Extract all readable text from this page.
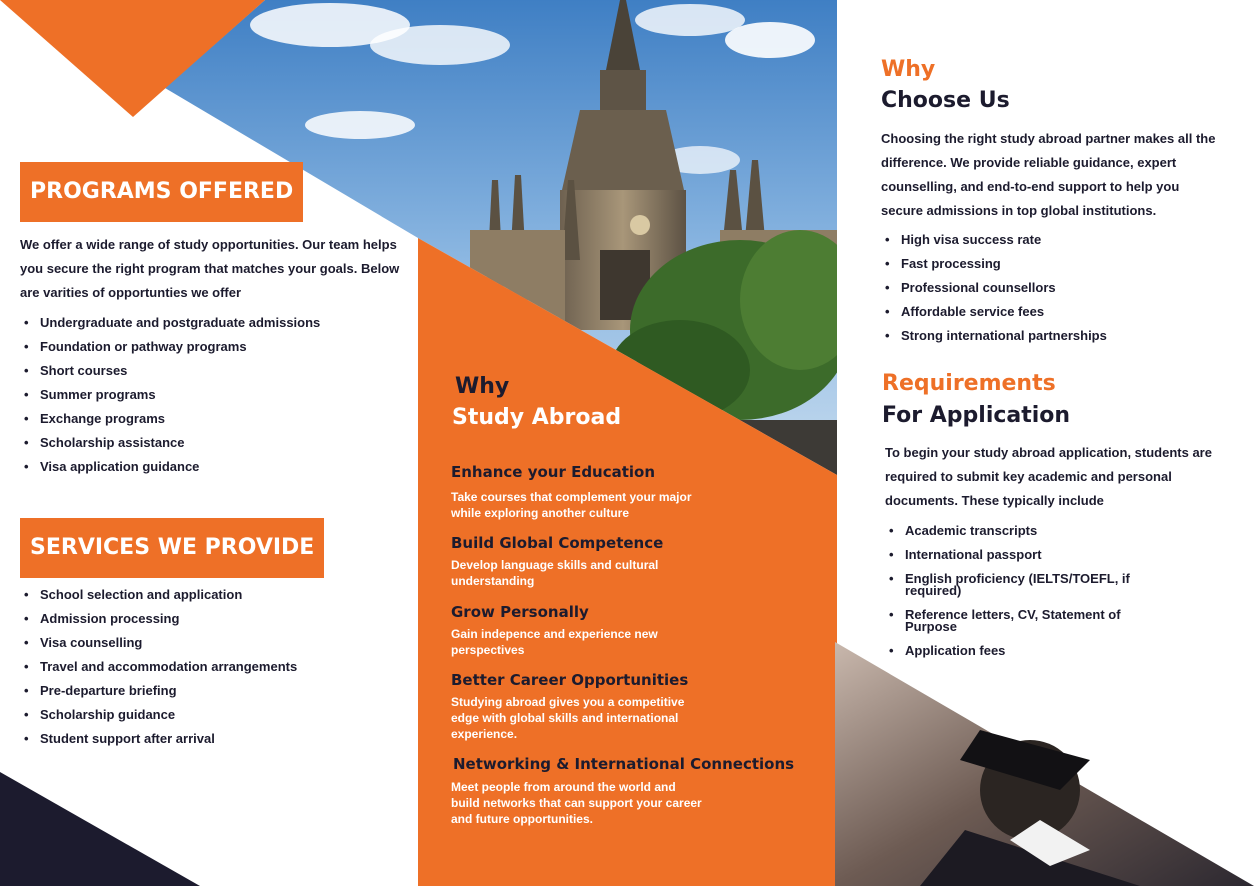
PROGRAMS OFFERED

We offer a wide range of study opportunities. Our team helps you secure the right program that matches your goals. Below are varities of opportunties we offer

• Undergraduate and postgraduate admissions
• Foundation or pathway programs
• Short courses
• Summer programs
• Exchange programs
• Scholarship assistance
• Visa application guidance
SERVICES WE PROVIDE
• School selection and application
• Admission processing
• Visa counselling
• Travel and accommodation arrangements
• Pre-departure briefing
• Scholarship guidance
• Student support after arrival
Why
Study Abroad
Enhance your Education
Take courses that complement your major while exploring another culture
Build Global Competence
Develop language skills and cultural understanding
Grow Personally
Gain indepence and experience new perspectives
Better Career Opportunities
Studying abroad gives you a competitive edge with global skills and international experience.
Networking & International Connections
Meet people from around the world and build networks that can support your career and future opportunities.
Why
Choose Us

Choosing the right study abroad partner makes all the difference. We provide reliable guidance, expert counselling, and end-to-end support to help you secure admissions in top global institutions.

• High visa success rate
• Fast processing
• Professional counsellors
• Affordable service fees
• Strong international partnerships
Requirements
For Application

To begin your study abroad application, students are required to submit key academic and personal documents. These typically include

• Academic transcripts
• International passport
• English proficiency (IELTS/TOEFL, if required)
• Reference letters, CV, Statement of Purpose
• Application fees
